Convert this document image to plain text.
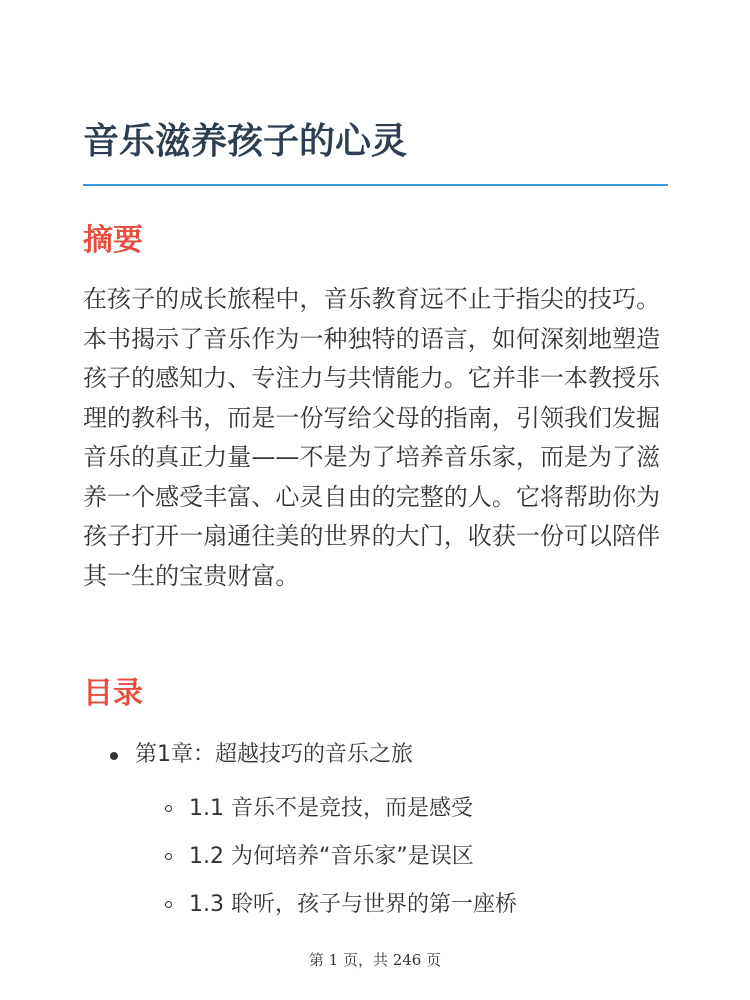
音乐滋养孩子的心灵
摘要

在孩子的成长旅程中，音乐教育远不止于指尖的技巧。本书揭示了音乐作为一种独特的语言，如何深刻地塑造孩子的感知力、专注力与共情能力。它并非一本教授乐理的教科书，而是一份写给父母的指南，引领我们发掘音乐的真正力量——不是为了培养音乐家，而是为了滋养一个感受丰富、心灵自由的完整的人。它将帮助你为孩子打开一扇通往美的世界的大门，收获一份可以陪伴其一生的宝贵财富。

目录
第1章：超越技巧的音乐之旅
1.1 音乐不是竞技，而是感受
1.2 为何培养“音乐家”是误区
1.3 聆听，孩子与世界的第一座桥
第 1 页，共 246 页
